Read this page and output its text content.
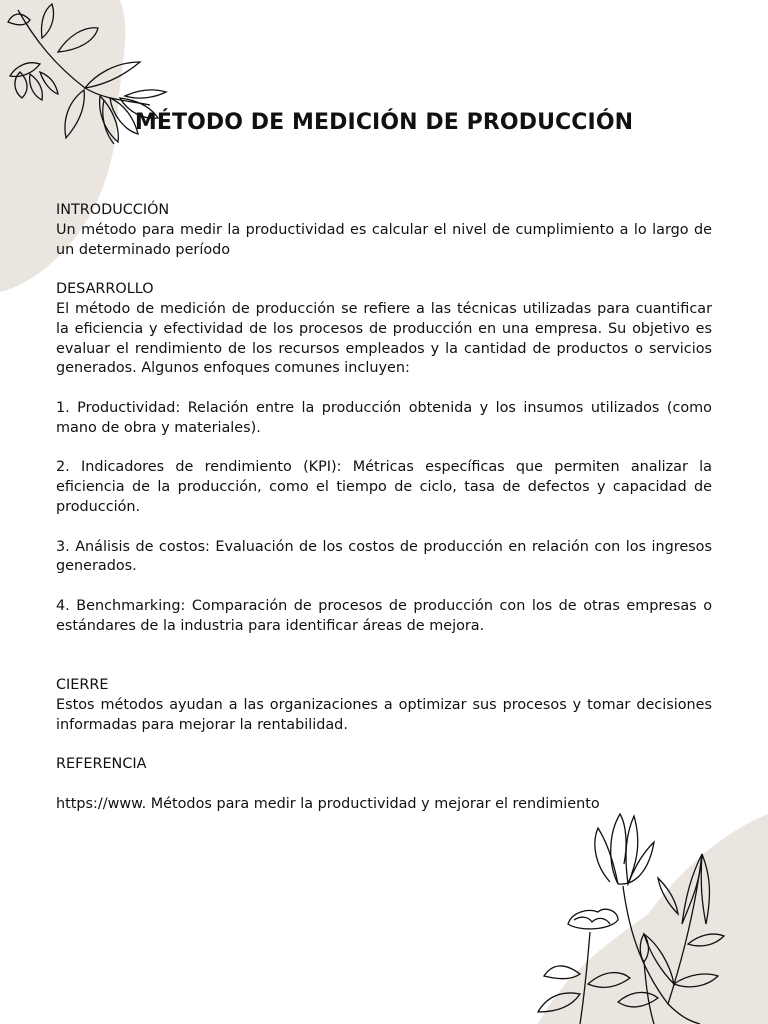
MÉTODO DE MEDICIÓN DE PRODUCCIÓN

INTRODUCCIÓN

Un método para medir la productividad es calcular el nivel de cumplimiento a lo largo de un determinado período

DESARROLLO

El método de medición de producción se refiere a las técnicas utilizadas para cuantificar la eficiencia y efectividad de los procesos de producción en una empresa. Su objetivo es evaluar el rendimiento de los recursos empleados y la cantidad de productos o servicios generados. Algunos enfoques comunes incluyen:

1. Productividad: Relación entre la producción obtenida y los insumos utilizados (como mano de obra y materiales).

2. Indicadores de rendimiento (KPI): Métricas específicas que permiten analizar la eficiencia de la producción, como el tiempo de ciclo, tasa de defectos y capacidad de producción.

3. Análisis de costos: Evaluación de los costos de producción en relación con los ingresos generados.

4. Benchmarking: Comparación de procesos de producción con los de otras empresas o estándares de la industria para identificar áreas de mejora.

CIERRE

Estos métodos ayudan a las organizaciones a optimizar sus procesos y tomar decisiones informadas para mejorar la rentabilidad.

REFERENCIA

https://www. Métodos para medir la productividad y mejorar el rendimiento
